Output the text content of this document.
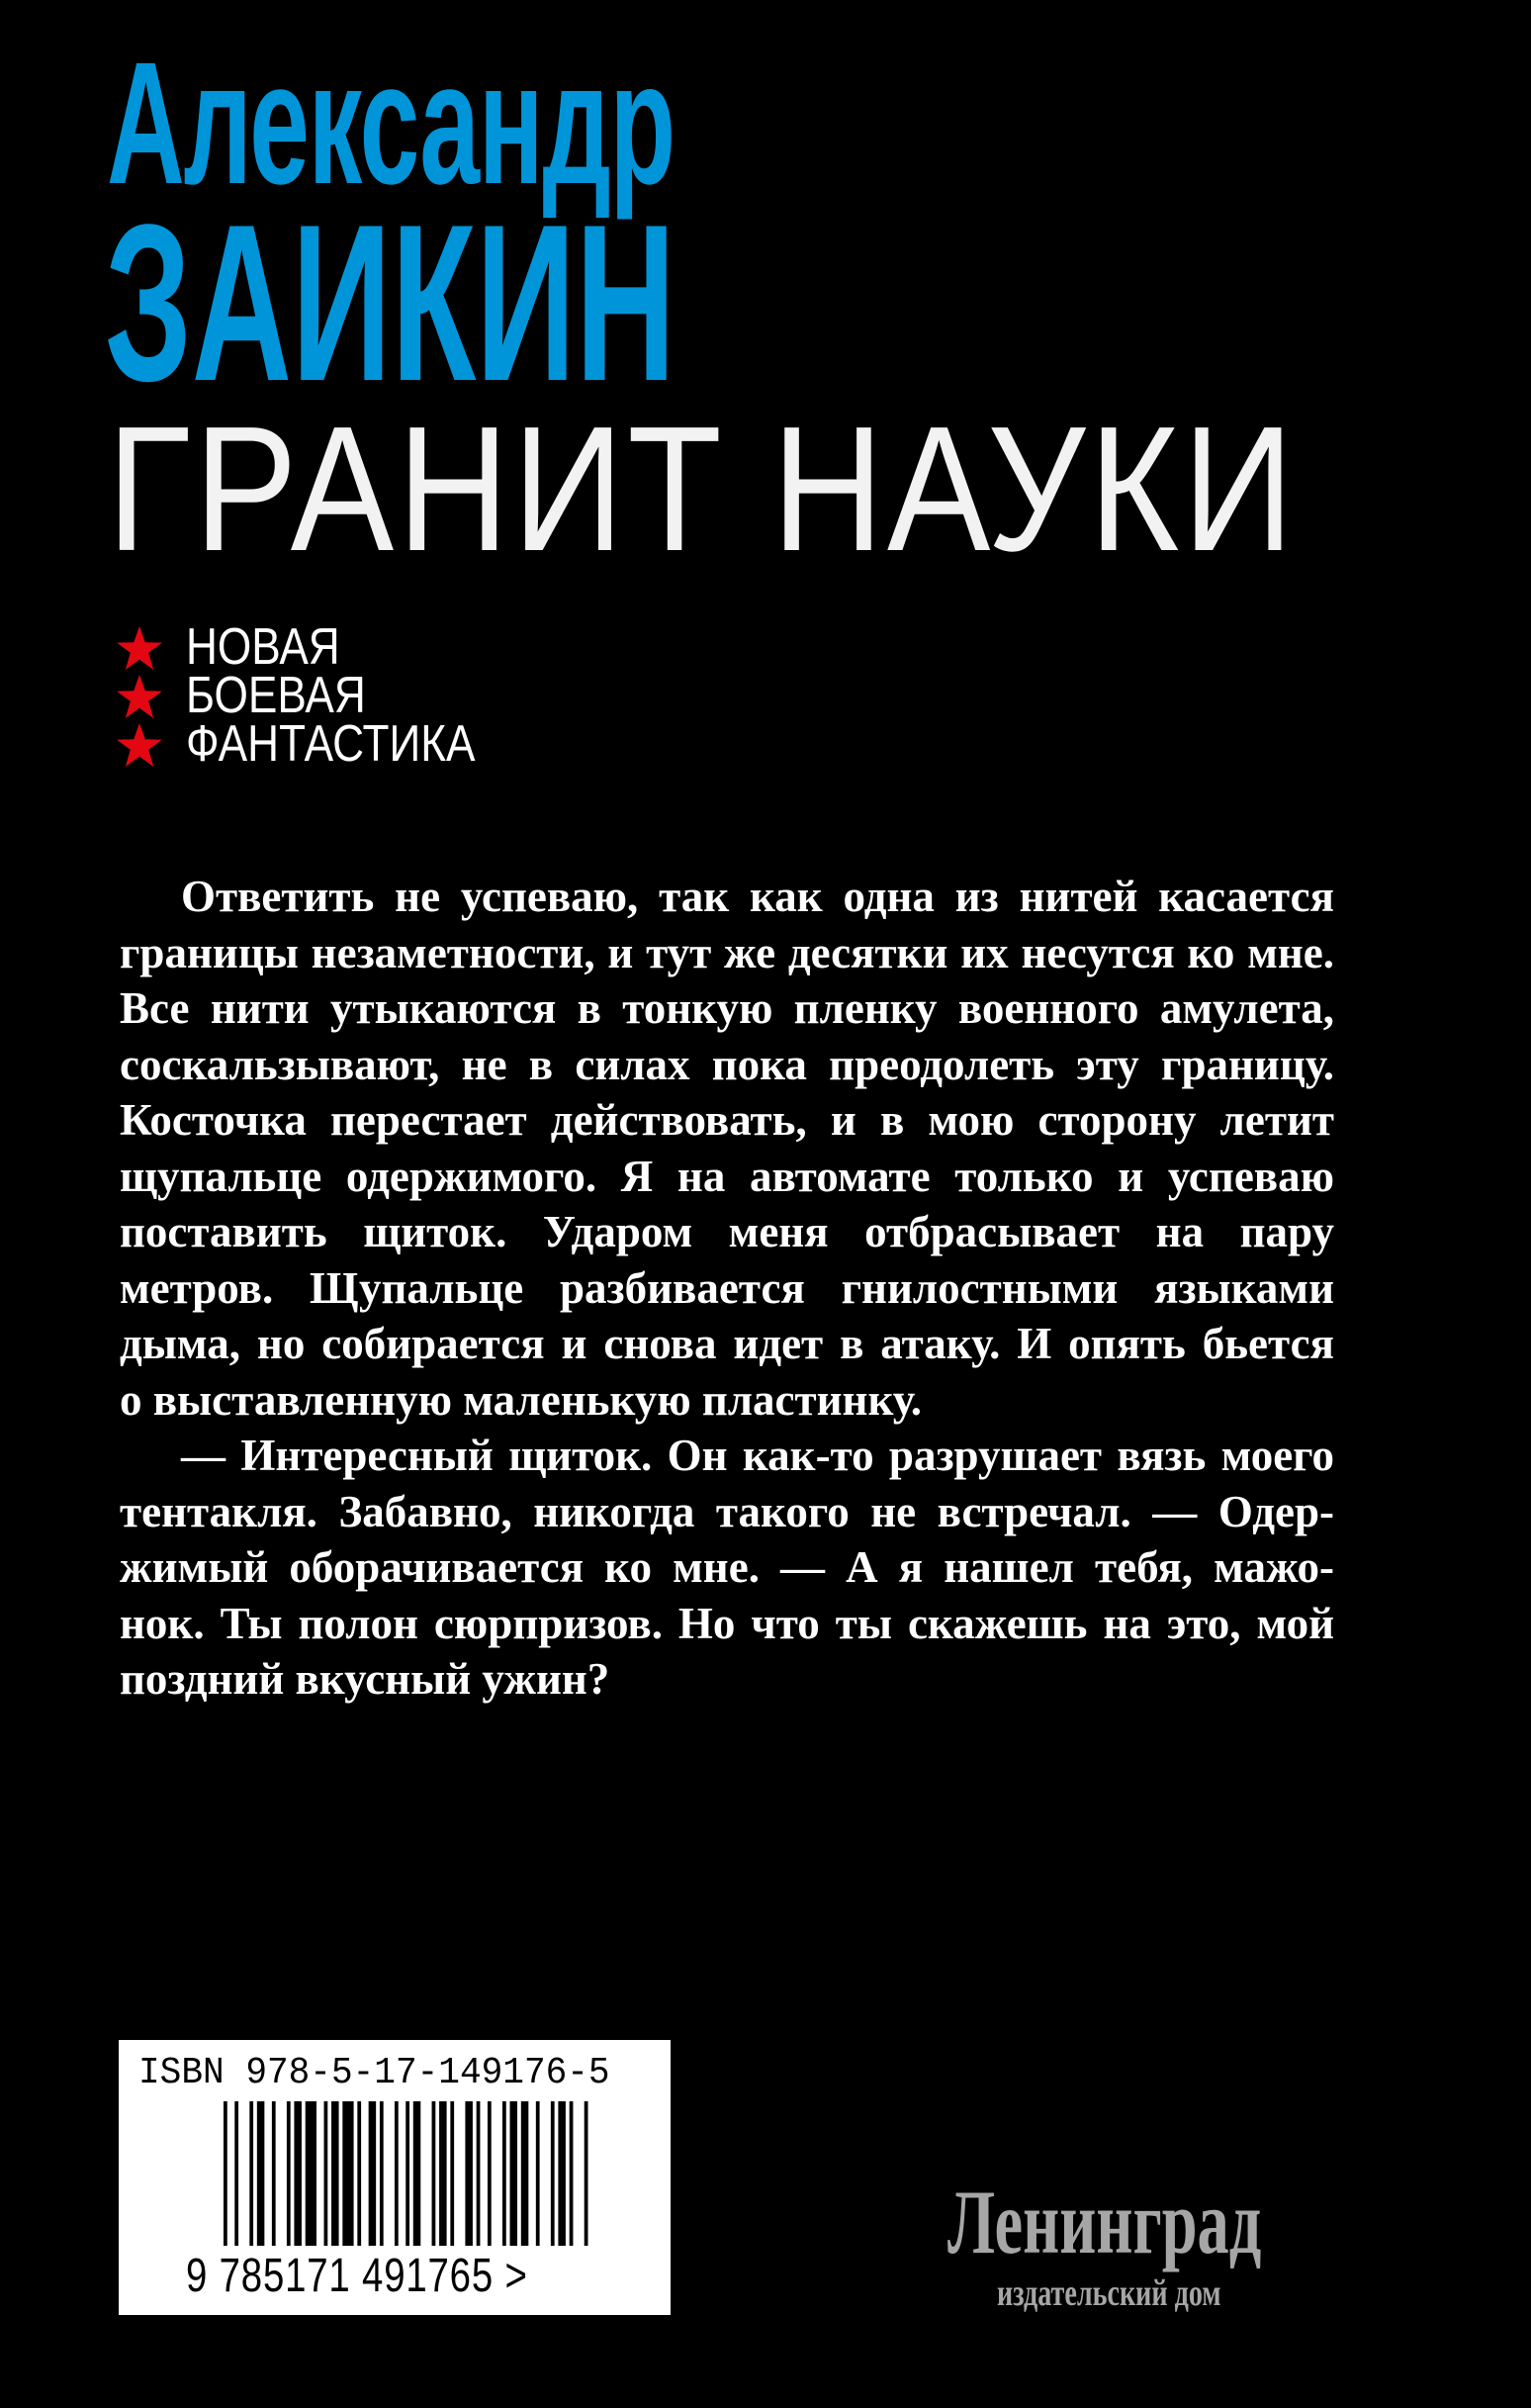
Александр
ЗАИКИН
ГРАНИТ НАУКИ
НОВАЯ
БОЕВАЯ
ФАНТАСТИКА
Ответить не успеваю, так как одна из нитей касается
границы незаметности, и тут же десятки их несутся ко мне.
Все нити утыкаются в тонкую пленку военного амулета,
соскальзывают, не в силах пока преодолеть эту границу.
Косточка перестает действовать, и в мою сторону летит
щупальце одержимого. Я на автомате только и успеваю
поставить щиток. Ударом меня отбрасывает на пару
метров. Щупальце разбивается гнилостными языками
дыма, но собирается и снова идет в атаку. И опять бьется
о выставленную маленькую пластинку.
— Интересный щиток. Он как-то разрушает вязь моего
тентакля. Забавно, никогда такого не встречал. — Одер-
жимый оборачивается ко мне. — А я нашел тебя, мажо-
нок. Ты полон сюрпризов. Но что ты скажешь на это, мой
поздний вкусный ужин?
ISBN 978-5-17-149176-5
9 785171 491765 >
Ленинград
издательский дом
